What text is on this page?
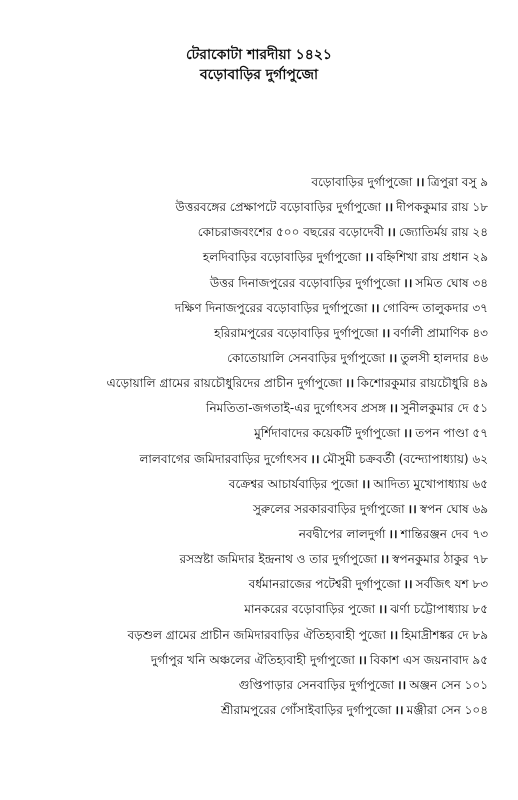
টেরাকোটা শারদীয়া ১৪২১
বড়োবাড়ির দুর্গাপুজো
বড়োবাড়ির দুর্গাপুজো ।। ত্রিপুরা বসু ৯
উত্তরবঙ্গের প্রেক্ষাপটে বড়োবাড়ির দুর্গাপুজো ।। দীপককুমার রায় ১৮
কোচরাজবংশের ৫০০ বছরের বড়োদেবী ।। জ্যোতির্ময় রায় ২৪
হলদিবাড়ির বড়োবাড়ির দুর্গাপুজো ।। বহ্নিশিখা রায় প্রধান ২৯
উত্তর দিনাজপুরের বড়োবাড়ির দুর্গাপুজো ।। সমিত ঘোষ ৩৪
দক্ষিণ দিনাজপুরের বড়োবাড়ির দুর্গাপুজো ।। গোবিন্দ তালুকদার ৩৭
হরিরামপুরের বড়োবাড়ির দুর্গাপুজো ।। বর্ণালী প্রামাণিক ৪৩
কোতোয়ালি সেনবাড়ির দুর্গাপুজো ।। তুলসী হালদার ৪৬
এড়োয়ালি গ্রামের রায়চৌধুরিদের প্রাচীন দুর্গাপুজো ।। কিশোরকুমার রায়চৌধুরি ৪৯
নিমতিতা-জগতাই-এর দুর্গোৎসব প্রসঙ্গ ।। সুনীলকুমার দে ৫১
মুর্শিদাবাদের কয়েকটি দুর্গাপুজো ।। তপন পাণ্ডা ৫৭
লালবাগের জমিদারবাড়ির দুর্গোৎসব ।। মৌসুমী চক্রবর্তী (বন্দ্যোপাধ্যায়) ৬২
বক্রেশ্বর আচার্যবাড়ির পুজো ।। আদিত্য মুখোপাধ্যায় ৬৫
সুরুলের সরকারবাড়ির দুর্গাপুজো ।। স্বপন ঘোষ ৬৯
নবদ্বীপের লালদুর্গা ।। শান্তিরঞ্জন দেব ৭৩
রসস্রষ্টা জমিদার ইন্দ্রনাথ ও তার দুর্গাপুজো ।। স্বপনকুমার ঠাকুর ৭৮
বর্ধমানরাজের পটেশ্বরী দুর্গাপুজো ।। সর্বজিৎ যশ ৮৩
মানকরের বড়োবাড়ির পুজো ।। ঝর্ণা চট্টোপাধ্যায় ৮৫
বড়শুল গ্রামের প্রাচীন জমিদারবাড়ির ঐতিহ্যবাহী পুজো ।। হিমাদ্রীশঙ্কর দে ৮৯
দুর্গাপুর খনি অঞ্চলের ঐতিহ্যবাহী দুর্গাপুজো ।। বিকাশ এস জয়নাবাদ ৯৫
গুপ্তিপাড়ার সেনবাড়ির দুর্গাপুজো ।। অঞ্জন সেন ১০১
শ্রীরামপুরের গোঁসাইবাড়ির দুর্গাপুজো ।। মঞ্জীরা সেন ১০৪
